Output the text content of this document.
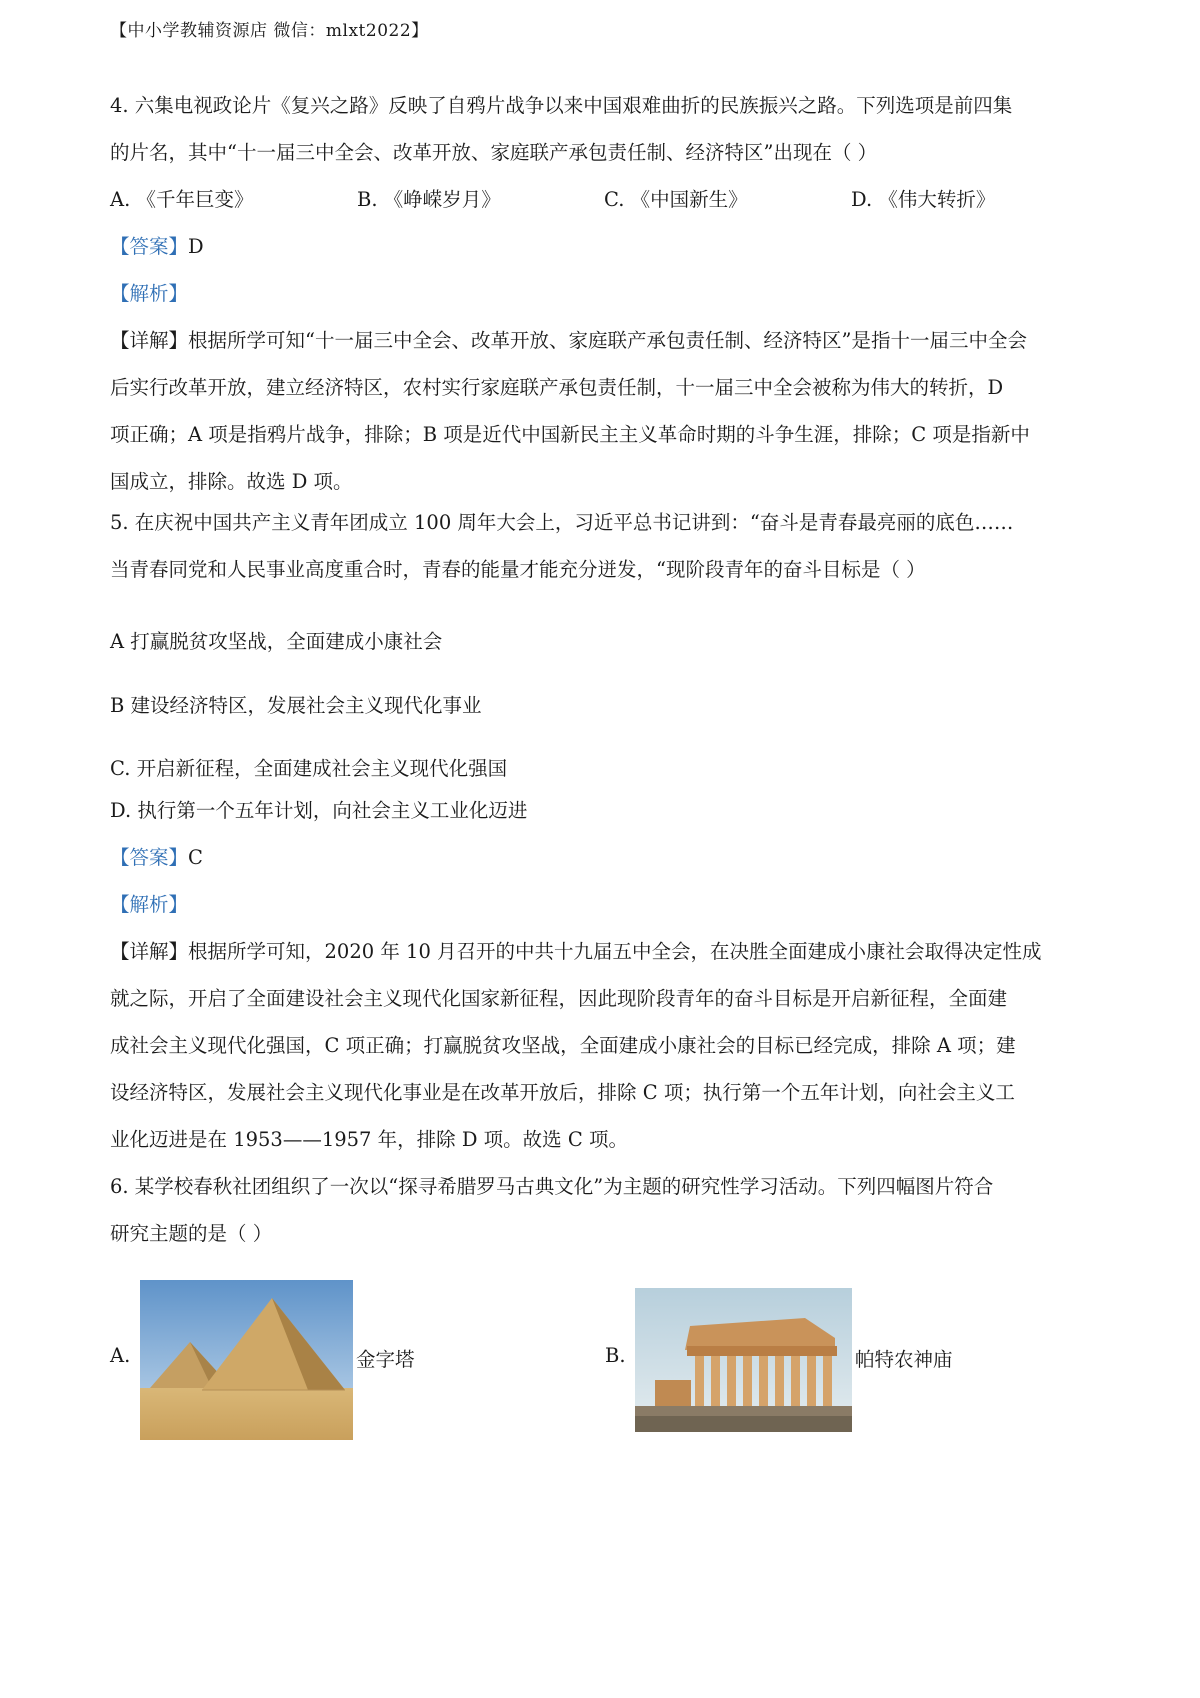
【中小学教辅资源店 微信：mlxt2022】
4. 六集电视政论片《复兴之路》反映了自鸦片战争以来中国艰难曲折的民族振兴之路。下列选项是前四集
的片名，其中“十一届三中全会、改革开放、家庭联产承包责任制、经济特区”出现在（ ）
A. 《千年巨变》	B. 《峥嵘岁月》	C. 《中国新生》	D. 《伟大转折》
【答案】D
【解析】
【详解】根据所学可知“十一届三中全会、改革开放、家庭联产承包责任制、经济特区”是指十一届三中全会
后实行改革开放，建立经济特区，农村实行家庭联产承包责任制，十一届三中全会被称为伟大的转折，D
项正确；A 项是指鸦片战争，排除；B 项是近代中国新民主主义革命时期的斗争生涯，排除；C 项是指新中
国成立，排除。故选 D 项。
5. 在庆祝中国共产主义青年团成立 100 周年大会上，习近平总书记讲到：“奋斗是青春最亮丽的底色……
当青春同党和人民事业高度重合时，青春的能量才能充分迸发，“现阶段青年的奋斗目标是（ ）
A 打赢脱贫攻坚战，全面建成小康社会
B 建设经济特区，发展社会主义现代化事业
C. 开启新征程，全面建成社会主义现代化强国
D. 执行第一个五年计划，向社会主义工业化迈进
【答案】C
【解析】
【详解】根据所学可知，2020 年 10 月召开的中共十九届五中全会，在决胜全面建成小康社会取得决定性成
就之际，开启了全面建设社会主义现代化国家新征程，因此现阶段青年的奋斗目标是开启新征程，全面建
成社会主义现代化强国，C 项正确；打赢脱贫攻坚战，全面建成小康社会的目标已经完成，排除 A 项；建
设经济特区，发展社会主义现代化事业是在改革开放后，排除 C 项；执行第一个五年计划，向社会主义工
业化迈进是在 1953——1957 年，排除 D 项。故选 C 项。
6. 某学校春秋社团组织了一次以“探寻希腊罗马古典文化”为主题的研究性学习活动。下列四幅图片符合
研究主题的是（ ）
A.	金字塔	B.	帕特农神庙
